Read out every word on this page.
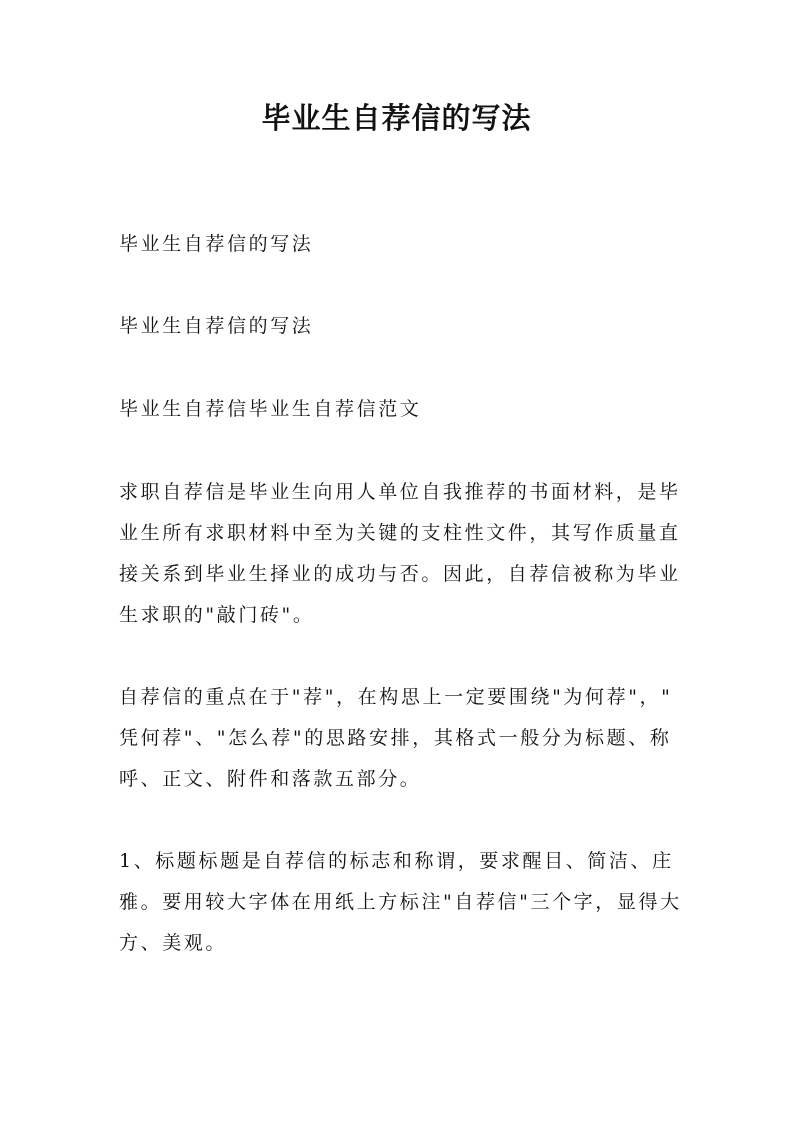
毕业生自荐信的写法

毕业生自荐信的写法

毕业生自荐信的写法

毕业生自荐信毕业生自荐信范文

求职自荐信是毕业生向用人单位自我推荐的书面材料，是毕
业生所有求职材料中至为关键的支柱性文件，其写作质量直
接关系到毕业生择业的成功与否。因此，自荐信被称为毕业
生求职的"敲门砖"。
自荐信的重点在于"荐"，在构思上一定要围绕"为何荐"，"
凭何荐"、"怎么荐"的思路安排，其格式一般分为标题、称
呼、正文、附件和落款五部分。
1、标题标题是自荐信的标志和称谓，要求醒目、简洁、庄
雅。要用较大字体在用纸上方标注"自荐信"三个字，显得大
方、美观。
